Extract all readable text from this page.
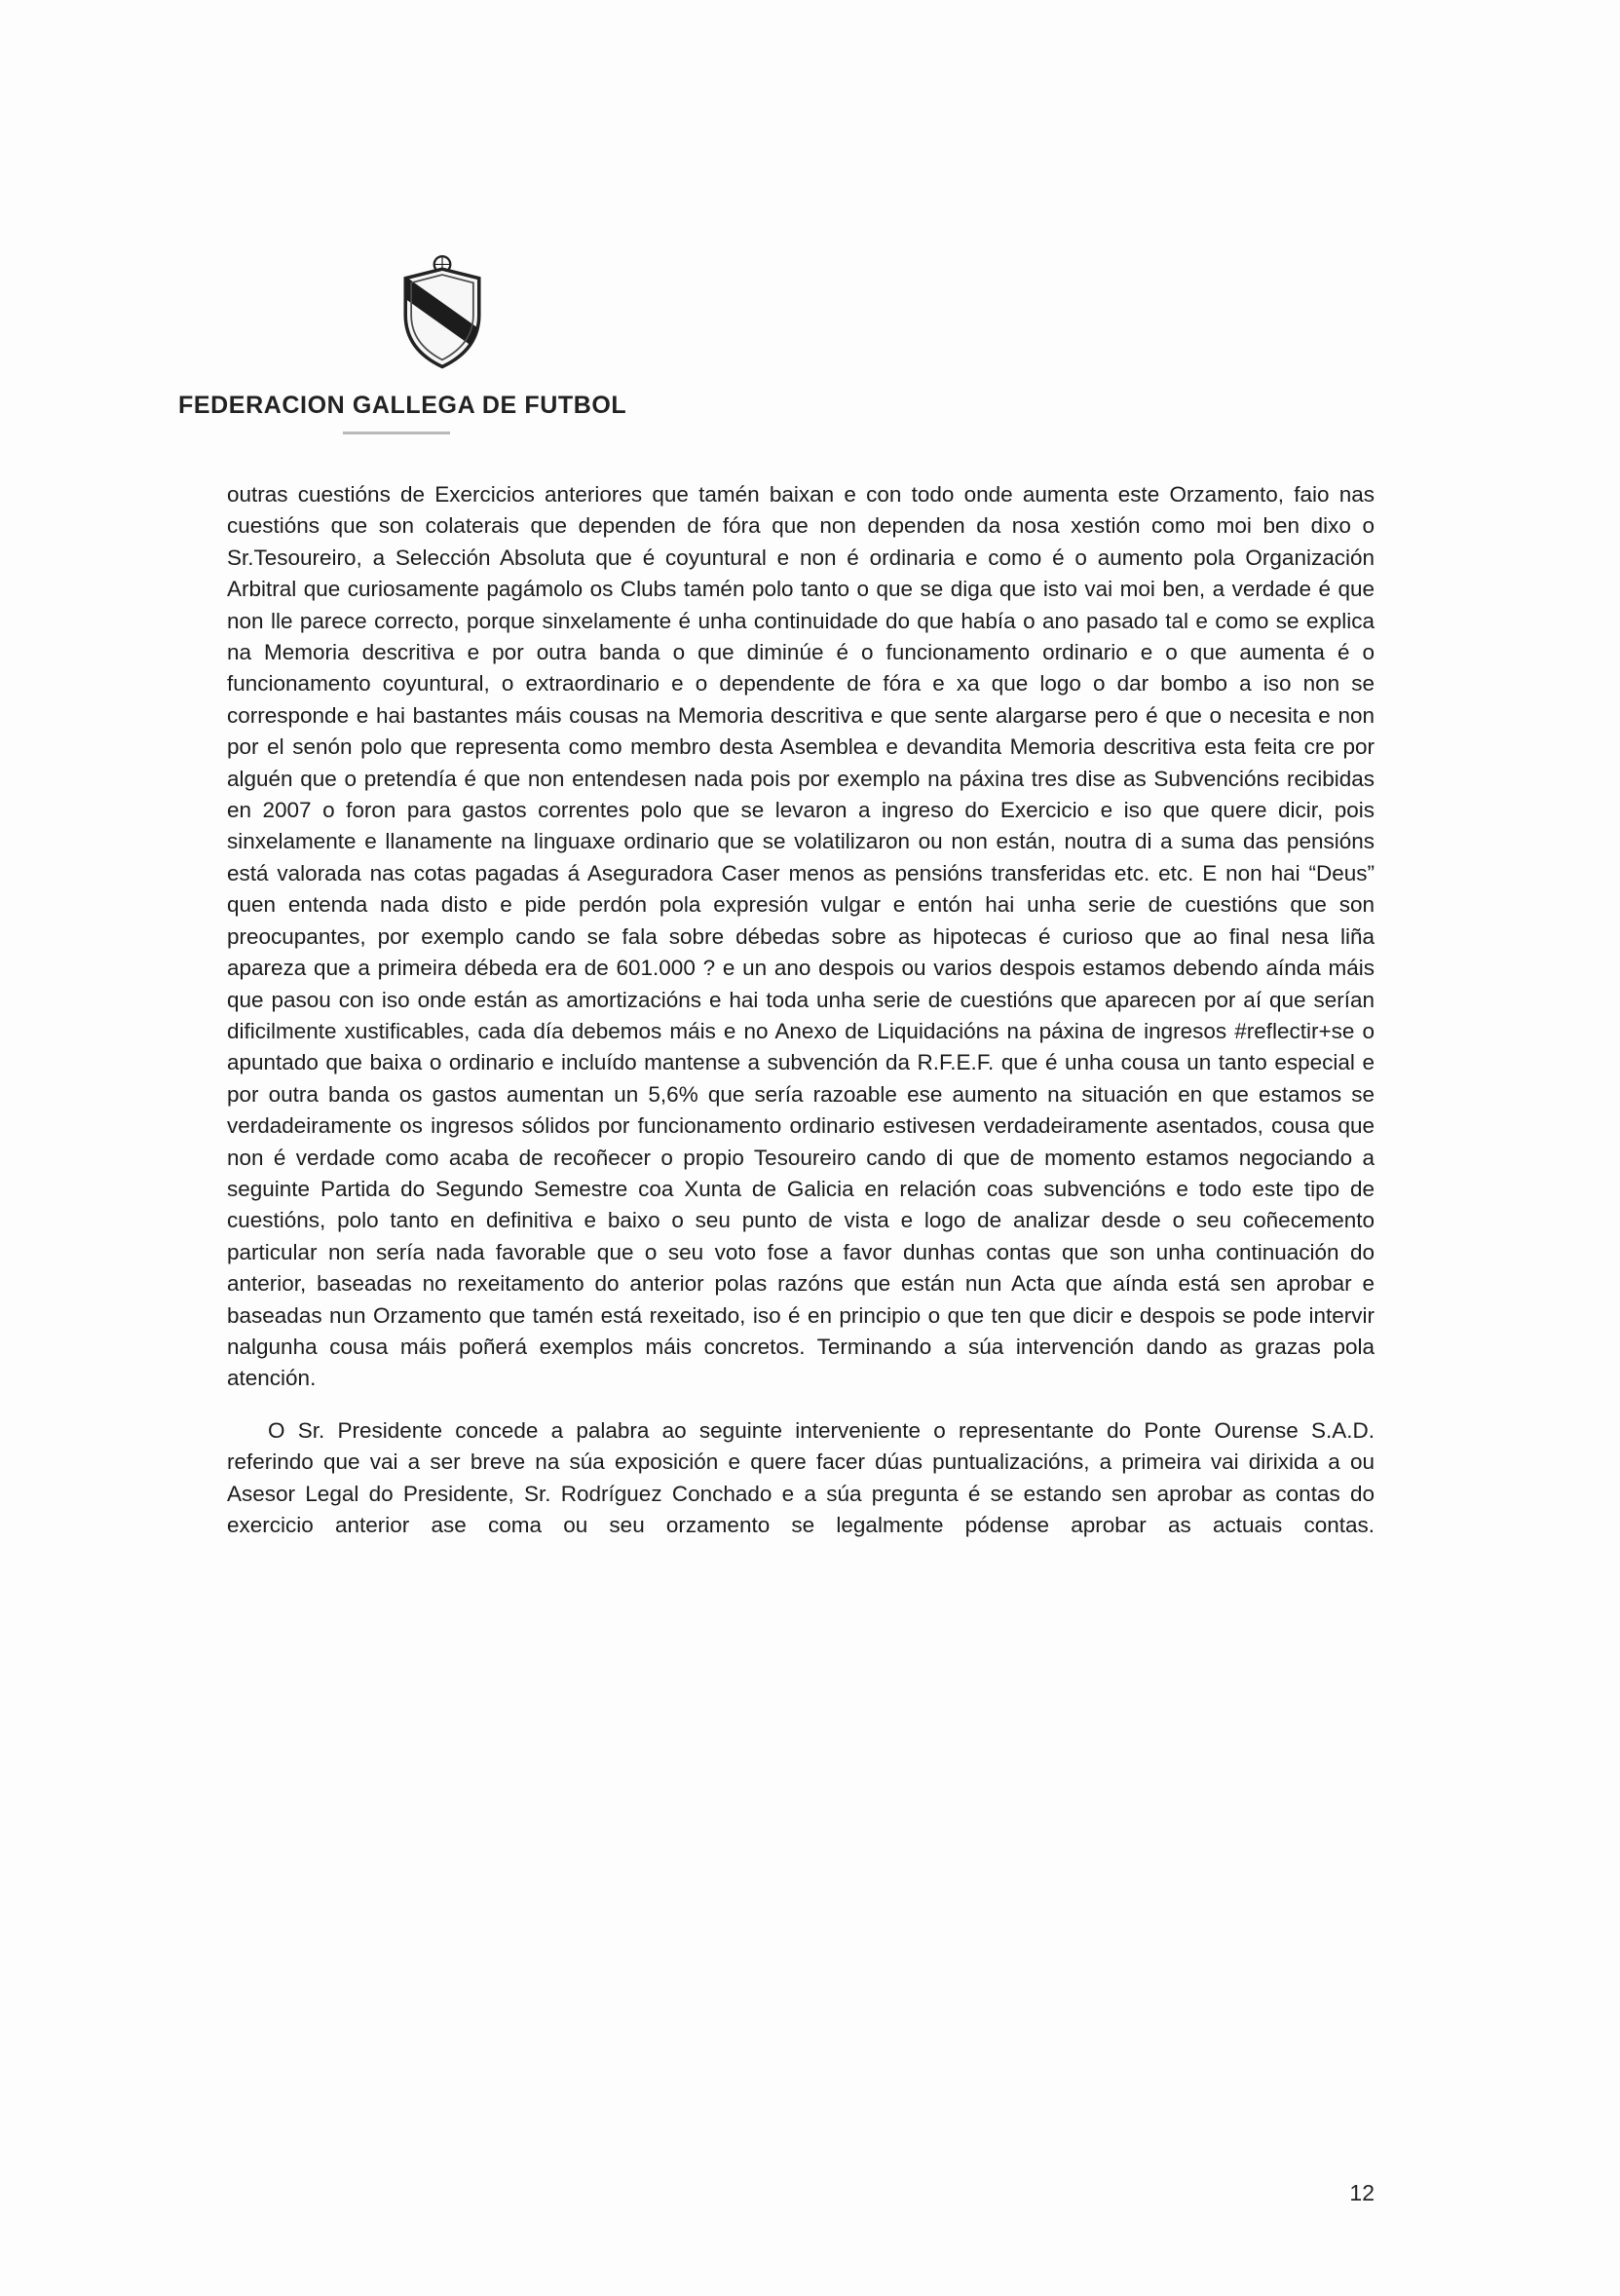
FEDERACION GALLEGA DE FUTBOL

outras cuestións de Exercicios anteriores que tamén baixan e con todo onde aumenta este Orzamento, faio nas cuestións que son colaterais que dependen de fóra que non dependen da nosa xestión como moi ben dixo o Sr.Tesoureiro, a Selección Absoluta que é coyuntural e non é ordinaria e como é o aumento pola Organización Arbitral que curiosamente pagámolo os Clubs tamén polo tanto o que se diga que isto vai moi ben, a verdade é que non lle parece correcto, porque sinxelamente é unha continuidade do que había o ano pasado tal e como se explica na Memoria descritiva e por outra banda o que diminúe é o funcionamento ordinario e o que aumenta é o funcionamento coyuntural, o extraordinario e o dependente de fóra e xa que logo o dar bombo a iso non se corresponde e hai bastantes máis cousas na Memoria descritiva e que sente alargarse pero é que o necesita e non por el senón polo que representa como membro desta Asemblea e devandita Memoria descritiva esta feita cre por alguén que o pretendía é que non entendesen nada pois por exemplo na páxina tres dise as Subvencións recibidas en 2007 o foron para gastos correntes polo que se levaron a ingreso do Exercicio e iso que quere dicir, pois sinxelamente e llanamente na linguaxe ordinario que se volatilizaron ou non están, noutra di a suma das pensións está valorada nas cotas pagadas á Aseguradora Caser menos as pensións transferidas etc. etc. E non hai “Deus” quen entenda nada disto e pide perdón pola expresión vulgar e entón hai unha serie de cuestións que son preocupantes, por exemplo cando se fala sobre débedas sobre as hipotecas é curioso que ao final nesa liña apareza que a primeira débeda era de 601.000 ? e un ano despois ou varios despois estamos debendo aínda máis que pasou con iso onde están as amortizacións e hai toda unha serie de cuestións que aparecen por aí que serían dificilmente xustificables, cada día debemos máis e no Anexo de Liquidacións na páxina de ingresos #reflectir+se o apuntado que baixa o ordinario e incluído mantense a subvención da R.F.E.F. que é unha cousa un tanto especial e por outra banda os gastos aumentan un 5,6% que sería razoable ese aumento na situación en que estamos se verdadeiramente os ingresos sólidos por funcionamento ordinario estivesen verdadeiramente asentados, cousa que non é verdade como acaba de recoñecer o propio Tesoureiro cando di que de momento estamos negociando a seguinte Partida do Segundo Semestre coa Xunta de Galicia en relación coas subvencións e todo este tipo de cuestións, polo tanto en definitiva e baixo o seu punto de vista e logo de analizar desde o seu coñecemento particular non sería nada favorable que o seu voto fose a favor dunhas contas que son unha continuación do anterior, baseadas no rexeitamento do anterior polas razóns que están nun Acta que aínda está sen aprobar e baseadas nun Orzamento que tamén está rexeitado, iso é en principio o que ten que dicir e despois se pode intervir nalgunha cousa máis poñerá exemplos máis concretos. Terminando a súa intervención dando as grazas pola atención.

O Sr. Presidente concede a palabra ao seguinte interveniente o representante do Ponte Ourense S.A.D. referindo que vai a ser breve na súa exposición e quere facer dúas puntualizacións, a primeira vai dirixida a ou Asesor Legal do Presidente, Sr. Rodríguez Conchado e a súa pregunta é se estando sen aprobar as contas do exercicio anterior ase coma ou seu orzamento se legalmente pódense aprobar as actuais contas.

12
